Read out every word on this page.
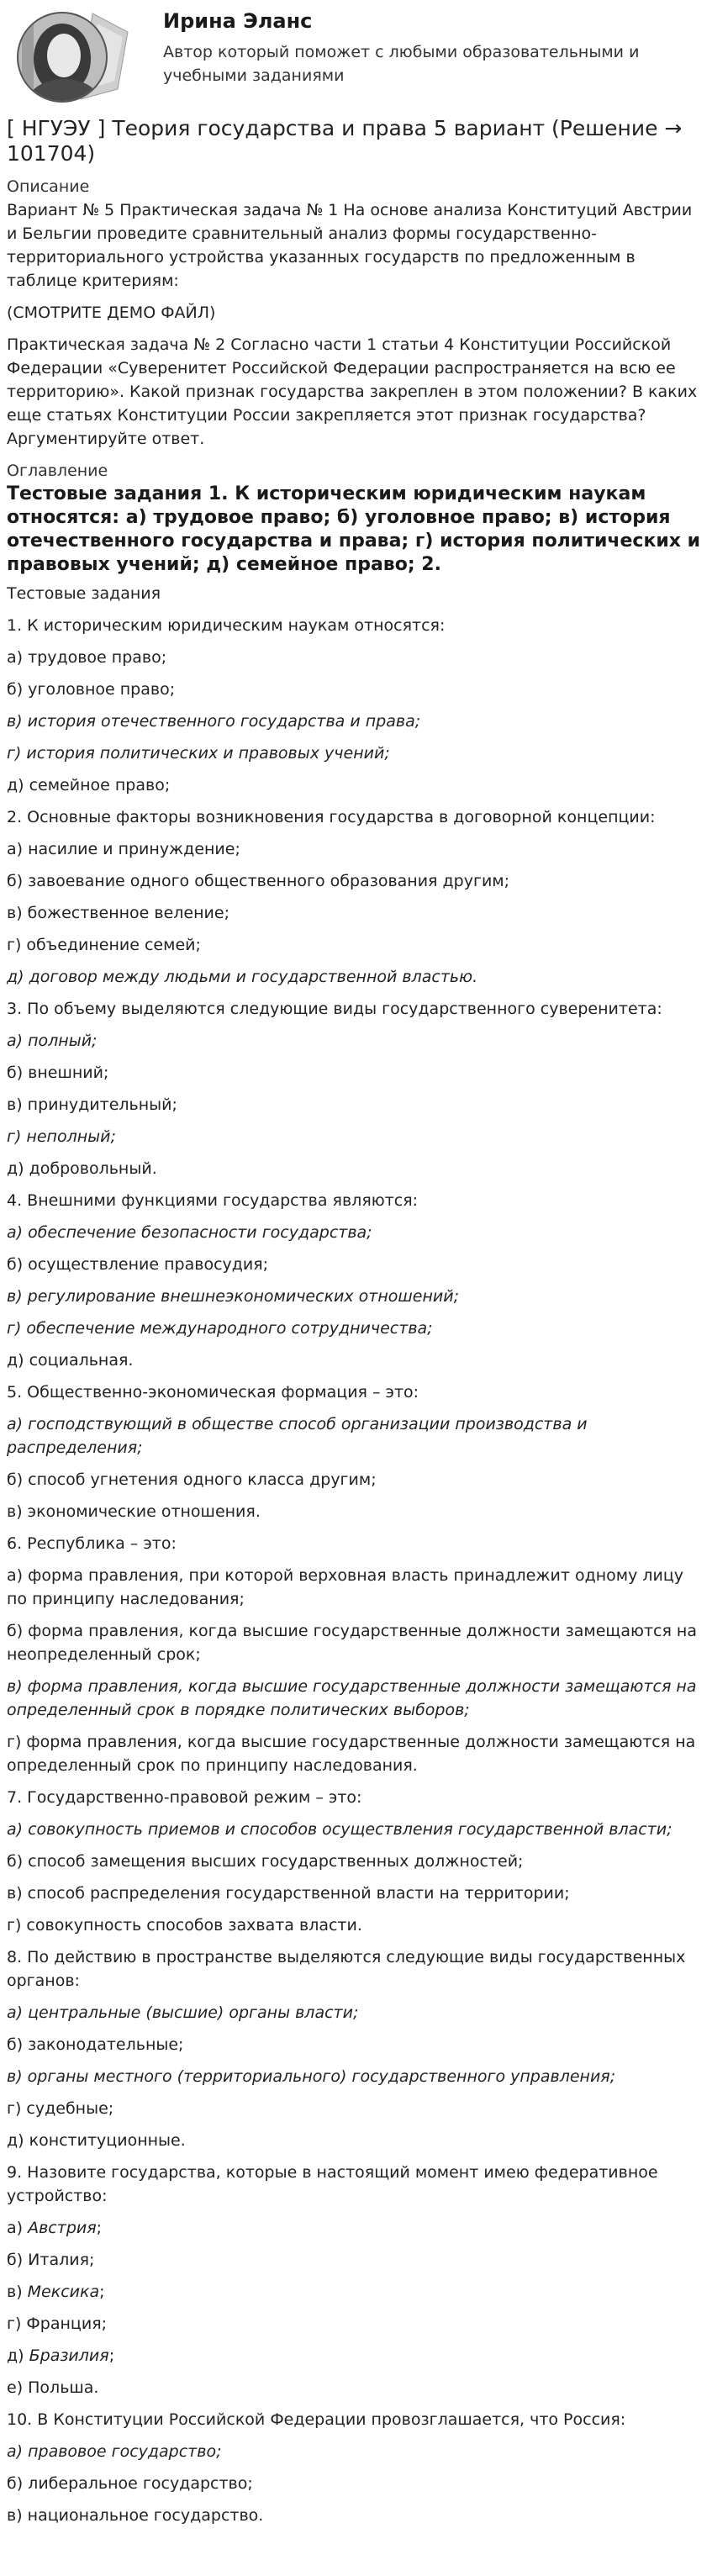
Ирина Эланс
Автор который поможет с любыми образовательными и учебными заданиями
[ НГУЭУ ] Теория государства и права 5 вариант (Решение → 101704)
Описание
Вариант № 5 Практическая задача № 1 На основе анализа Конституций Австрии и Бельгии проведите сравнительный анализ формы государственно-территориального устройства указанных государств по предложенным в таблице критериям:
(СМОТРИТЕ ДЕМО ФАЙЛ)
Практическая задача № 2 Согласно части 1 статьи 4 Конституции Российской Федерации «Суверенитет Российской Федерации распространяется на всю ее территорию». Какой признак государства закреплен в этом положении? В каких еще статьях Конституции России закрепляется этот признак государства? Аргументируйте ответ.
Оглавление
Тестовые задания 1. К историческим юридическим наукам относятся: а) трудовое право; б) уголовное право; в) история отечественного государства и права; г) история политических и правовых учений; д) семейное право; 2.
Тестовые задания
1. К историческим юридическим наукам относятся:
а) трудовое право;
б) уголовное право;
в) история отечественного государства и права;
г) история политических и правовых учений;
д) семейное право;
2. Основные факторы возникновения государства в договорной концепции:
а) насилие и принуждение;
б) завоевание одного общественного образования другим;
в) божественное веление;
г) объединение семей;
д) договор между людьми и государственной властью.
3. По объему выделяются следующие виды государственного суверенитета:
а) полный;
б) внешний;
в) принудительный;
г) неполный;
д) добровольный.
4. Внешними функциями государства являются:
а) обеспечение безопасности государства;
б) осуществление правосудия;
в) регулирование внешнеэкономических отношений;
г) обеспечение международного сотрудничества;
д) социальная.
5. Общественно-экономическая формация – это:
а) господствующий в обществе способ организации производства и распределения;
б) способ угнетения одного класса другим;
в) экономические отношения.
6. Республика – это:
а) форма правления, при которой верховная власть принадлежит одному лицу по принципу наследования;
б) форма правления, когда высшие государственные должности замещаются на неопределенный срок;
в) форма правления, когда высшие государственные должности замещаются на определенный срок в порядке политических выборов;
г) форма правления, когда высшие государственные должности замещаются на определенный срок по принципу наследования.
7. Государственно-правовой режим – это:
а) совокупность приемов и способов осуществления государственной власти;
б) способ замещения высших государственных должностей;
в) способ распределения государственной власти на территории;
г) совокупность способов захвата власти.
8. По действию в пространстве выделяются следующие виды государственных органов:
а) центральные (высшие) органы власти;
б) законодательные;
в) органы местного (территориального) государственного управления;
г) судебные;
д) конституционные.
9. Назовите государства, которые в настоящий момент имею федеративное устройство:
а) Австрия;
б) Италия;
в) Мексика;
г) Франция;
д) Бразилия;
е) Польша.
10. В Конституции Российской Федерации провозглашается, что Россия:
а) правовое государство;
б) либеральное государство;
в) национальное государство.
